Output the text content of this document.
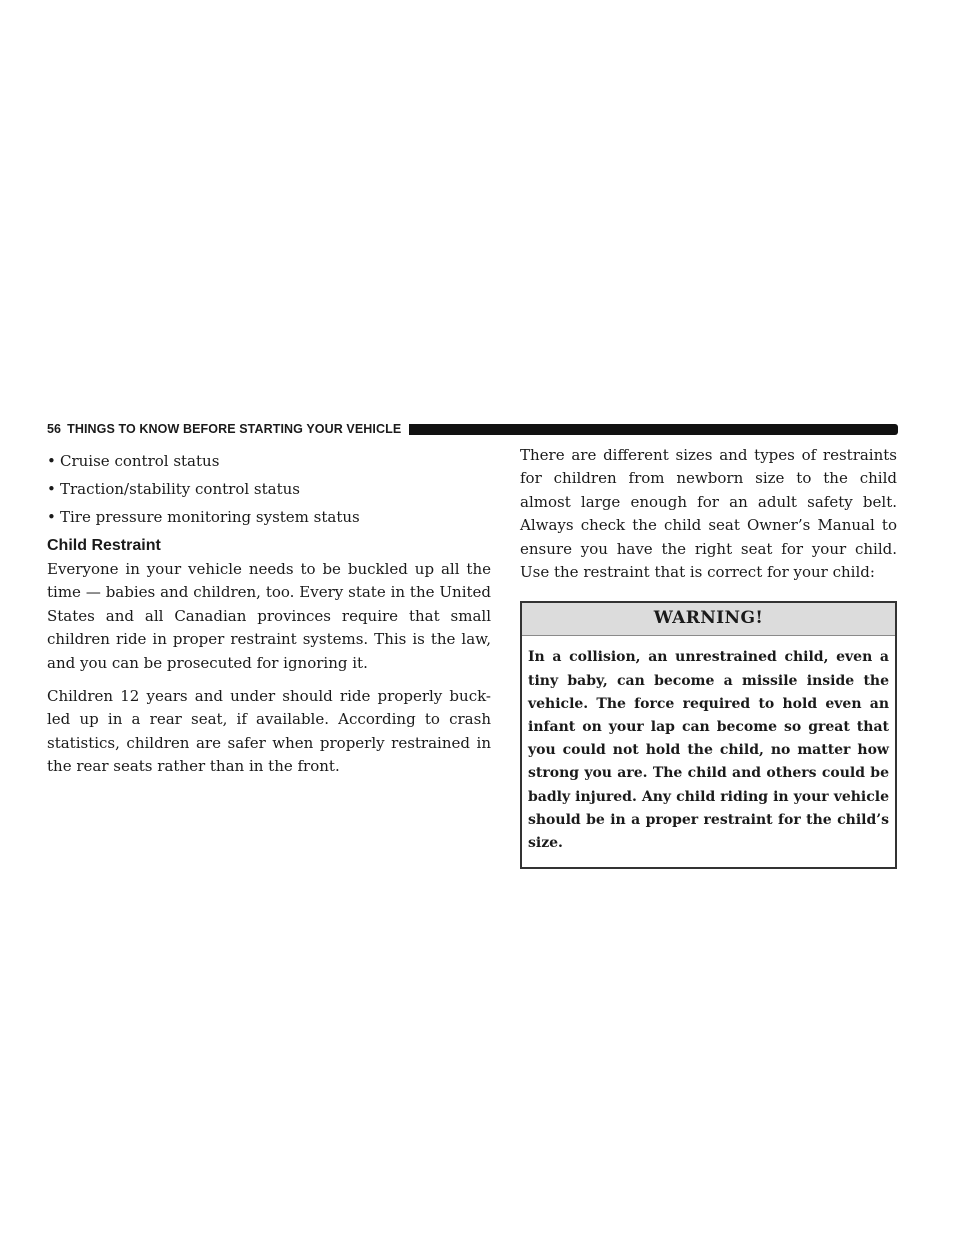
56 THINGS TO KNOW BEFORE STARTING YOUR VEHICLE
• Cruise control status
• Traction/stability control status
• Tire pressure monitoring system status
Child Restraint

Everyone in your vehicle needs to be buckled up all the time — babies and children, too. Every state in the United States and all Canadian provinces require that small children ride in proper restraint systems. This is the law, and you can be prosecuted for ignoring it.

Children 12 years and under should ride properly buck- led up in a rear seat, if available. According to crash statistics, children are safer when properly restrained in the rear seats rather than in the front.

There are different sizes and types of restraints for children from newborn size to the child almost large enough for an adult safety belt. Always check the child seat Owner’s Manual to ensure you have the right seat for your child. Use the restraint that is correct for your child:

WARNING!
In a collision, an unrestrained child, even a tiny baby, can become a missile inside the vehicle. The force required to hold even an infant on your lap can become so great that you could not hold the child, no matter how strong you are. The child and others could be badly injured. Any child riding in your vehicle should be in a proper restraint for the child’s size.
